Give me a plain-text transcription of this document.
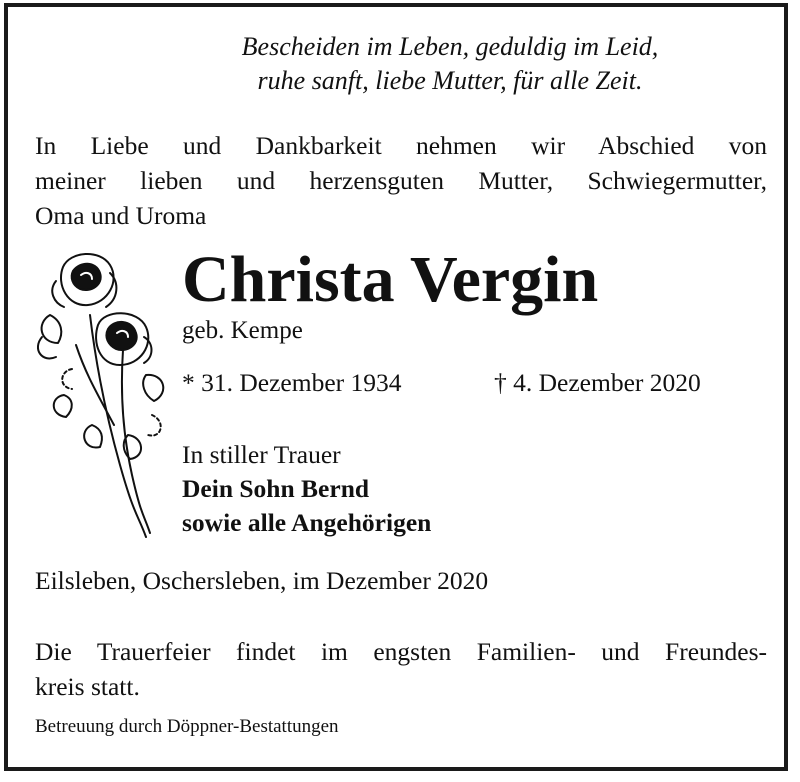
Bescheiden im Leben, geduldig im Leid,
ruhe sanft, liebe Mutter, für alle Zeit.
In Liebe und Dankbarkeit nehmen wir Abschied von
meiner lieben und herzensguten Mutter, Schwiegermutter,
Oma und Uroma
Christa Vergin
geb. Kempe
* 31. Dezember 1934	† 4. Dezember 2020
In stiller Trauer
Dein Sohn Bernd
sowie alle Angehörigen
Eilsleben, Oschersleben, im Dezember 2020
Die Trauerfeier findet im engsten Familien- und Freundes-
kreis statt.
Betreuung durch Döppner-Bestattungen
